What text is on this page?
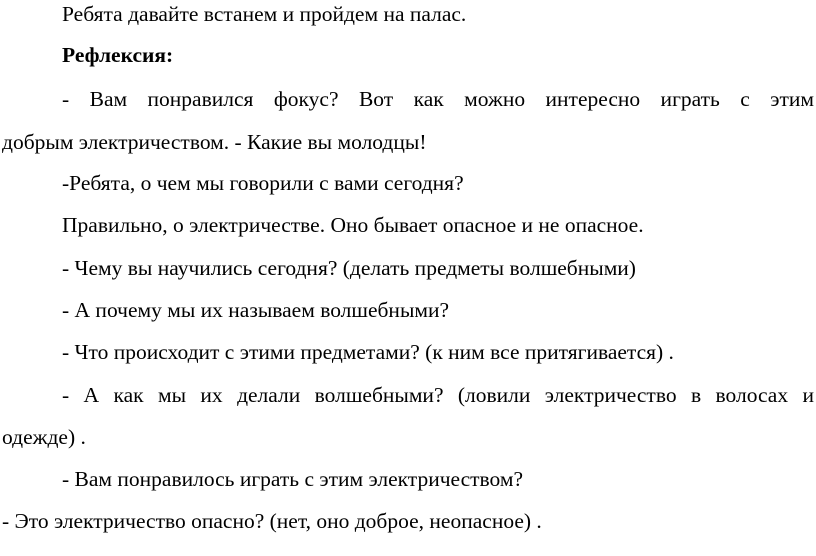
Ребята давайте встанем и пройдем на палас.
Рефлексия:
- Вам понравился фокус? Вот как можно интересно играть с этим
добрым электричеством. - Какие вы молодцы!
-Ребята, о чем мы говорили с вами сегодня?
Правильно, о электричестве. Оно бывает опасное и не опасное.
- Чему вы научились сегодня? (делать предметы волшебными)
- А почему мы их называем волшебными?
- Что происходит с этими предметами? (к ним все притягивается) .
- А как мы их делали волшебными? (ловили электричество в волосах и
одежде) .
- Вам понравилось играть с этим электричеством?
- Это электричество опасно? (нет, оно доброе, неопасное) .
